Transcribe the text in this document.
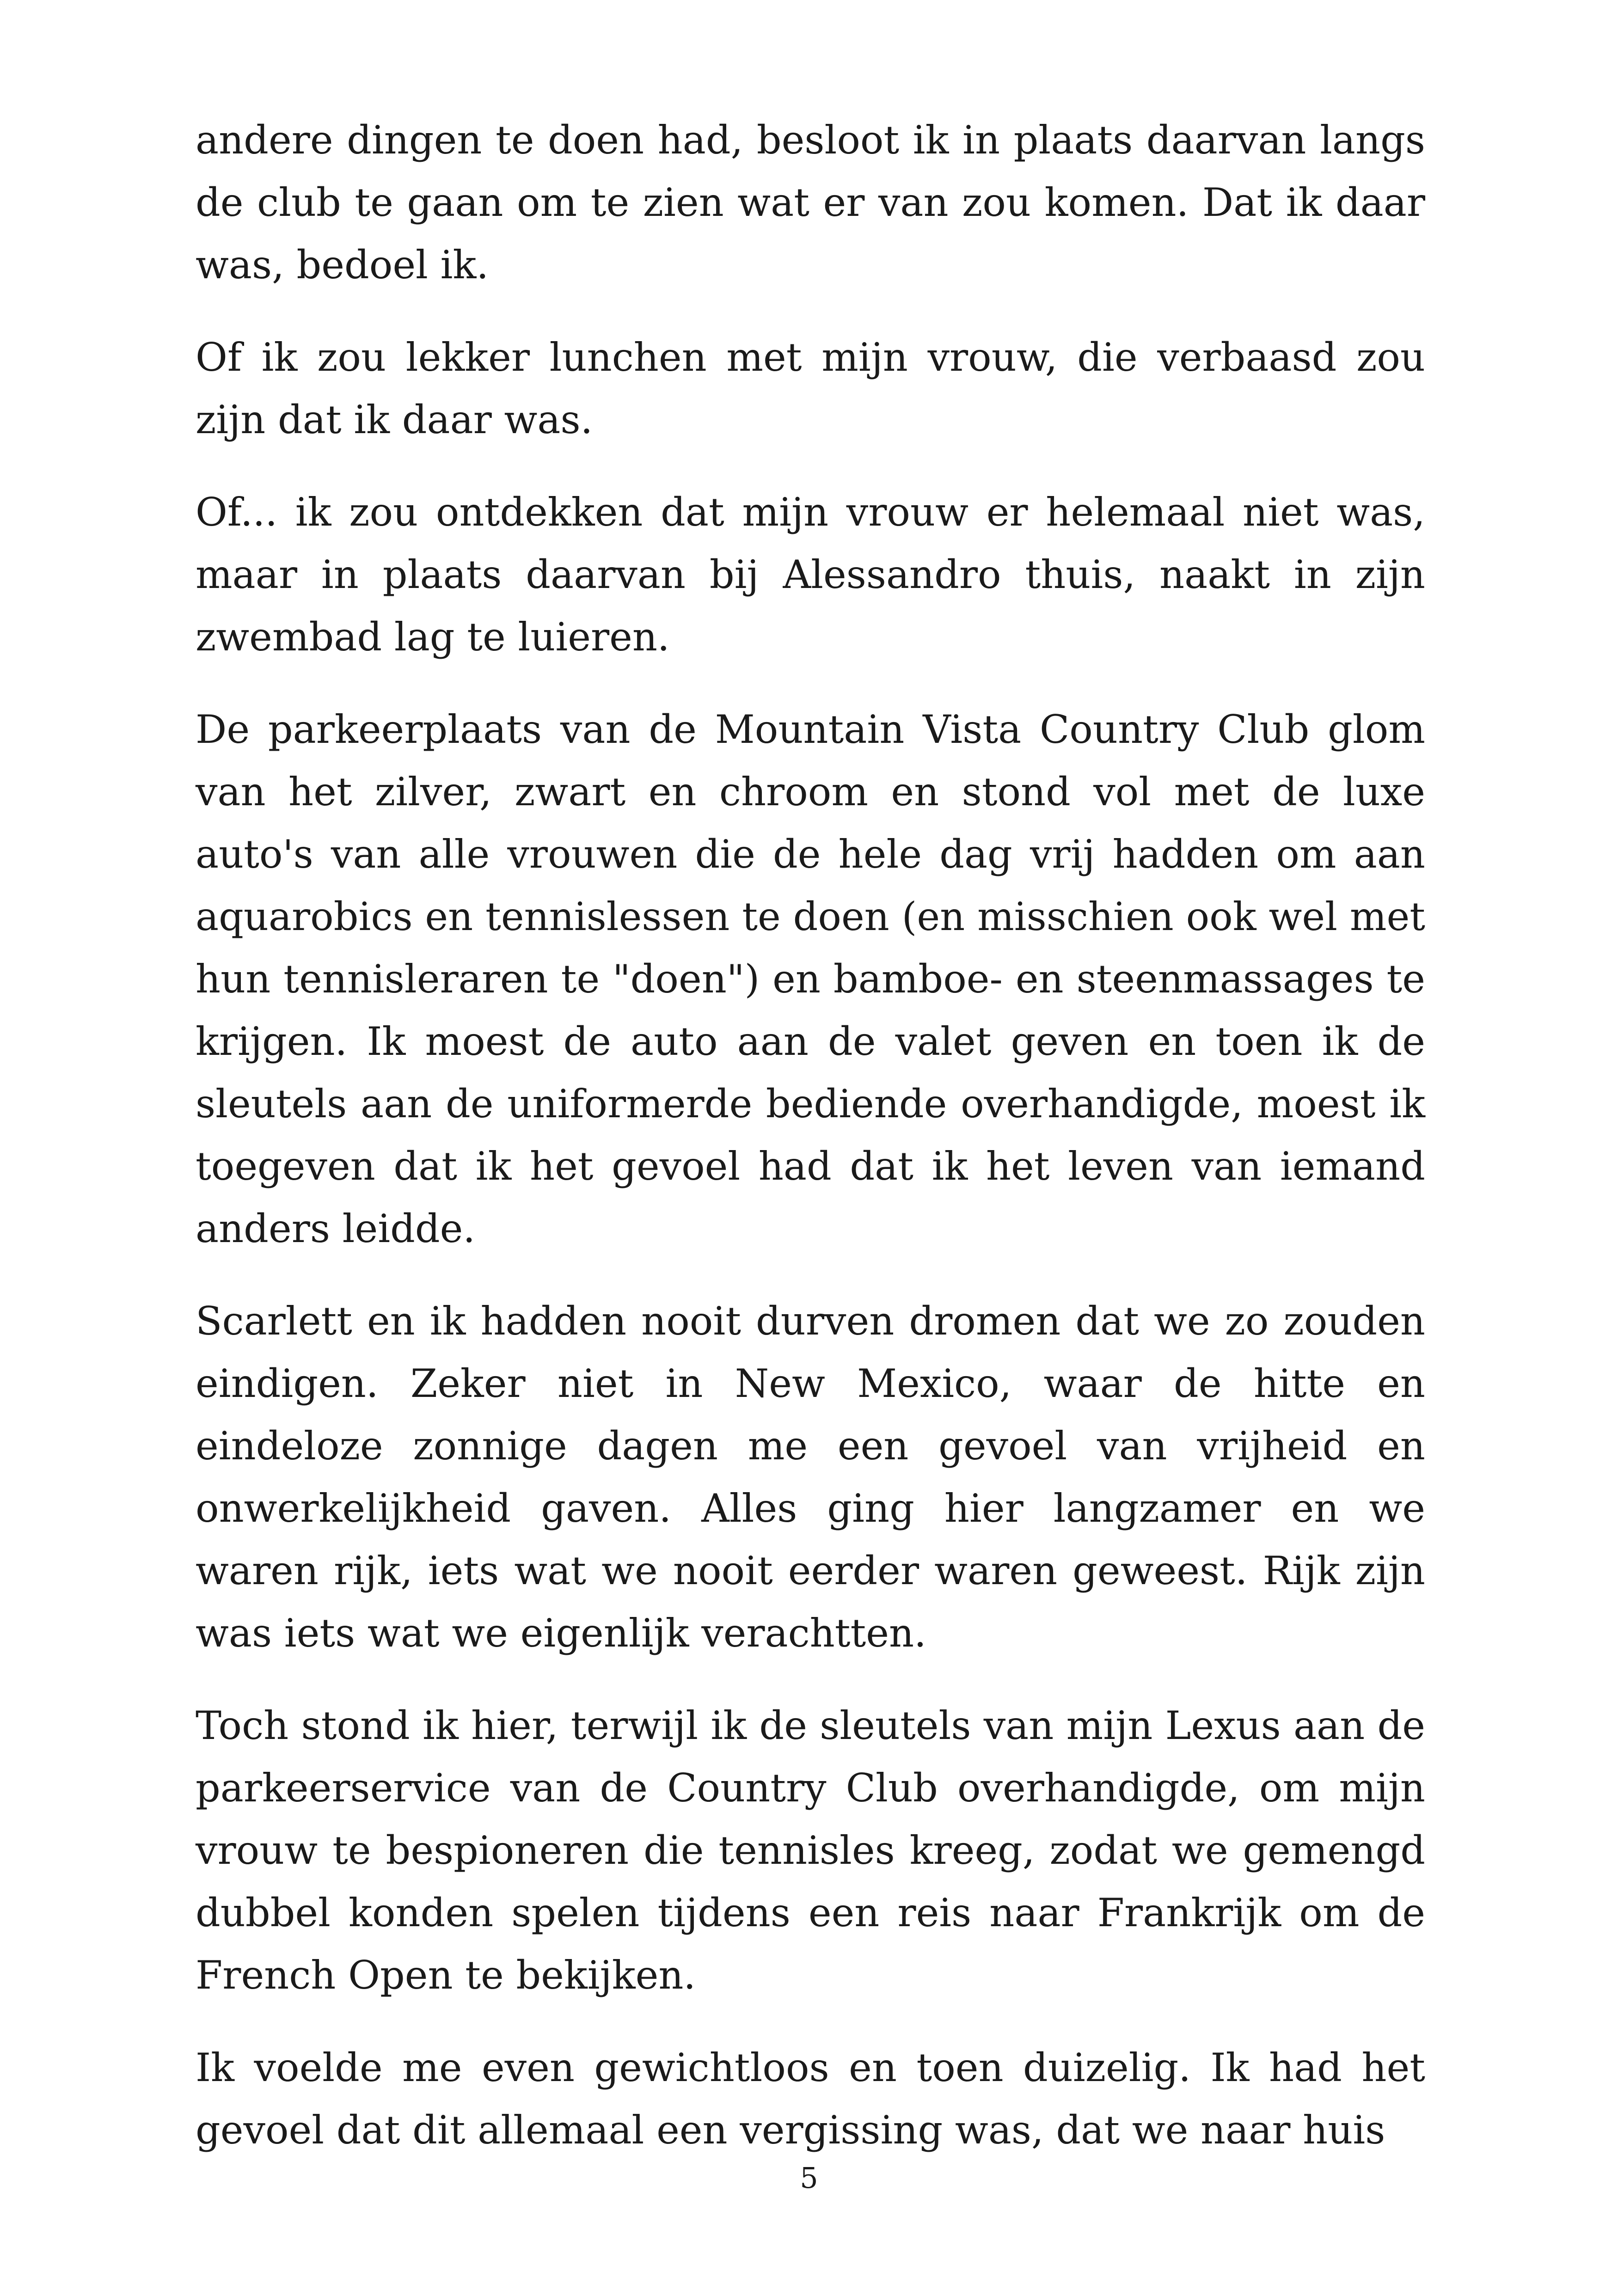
andere dingen te doen had, besloot ik in plaats daarvan langs de club te gaan om te zien wat er van zou komen. Dat ik daar was, bedoel ik.

Of ik zou lekker lunchen met mijn vrouw, die verbaasd zou zijn dat ik daar was.

Of... ik zou ontdekken dat mijn vrouw er helemaal niet was, maar in plaats daarvan bij Alessandro thuis, naakt in zijn zwembad lag te luieren.

De parkeerplaats van de Mountain Vista Country Club glom van het zilver, zwart en chroom en stond vol met de luxe auto's van alle vrouwen die de hele dag vrij hadden om aan aquarobics en tennislessen te doen (en misschien ook wel met hun tennisleraren te "doen") en bamboe- en steenmassages te krijgen. Ik moest de auto aan de valet geven en toen ik de sleutels aan de uniformerde bediende overhandigde, moest ik toegeven dat ik het gevoel had dat ik het leven van iemand anders leidde.

Scarlett en ik hadden nooit durven dromen dat we zo zouden eindigen. Zeker niet in New Mexico, waar de hitte en eindeloze zonnige dagen me een gevoel van vrijheid en onwerkelijkheid gaven. Alles ging hier langzamer en we waren rijk, iets wat we nooit eerder waren geweest. Rijk zijn was iets wat we eigenlijk verachtten.

Toch stond ik hier, terwijl ik de sleutels van mijn Lexus aan de parkeerservice van de Country Club overhandigde, om mijn vrouw te bespioneren die tennisles kreeg, zodat we gemengd dubbel konden spelen tijdens een reis naar Frankrijk om de French Open te bekijken.

Ik voelde me even gewichtloos en toen duizelig. Ik had het gevoel dat dit allemaal een vergissing was, dat we naar huis

5
